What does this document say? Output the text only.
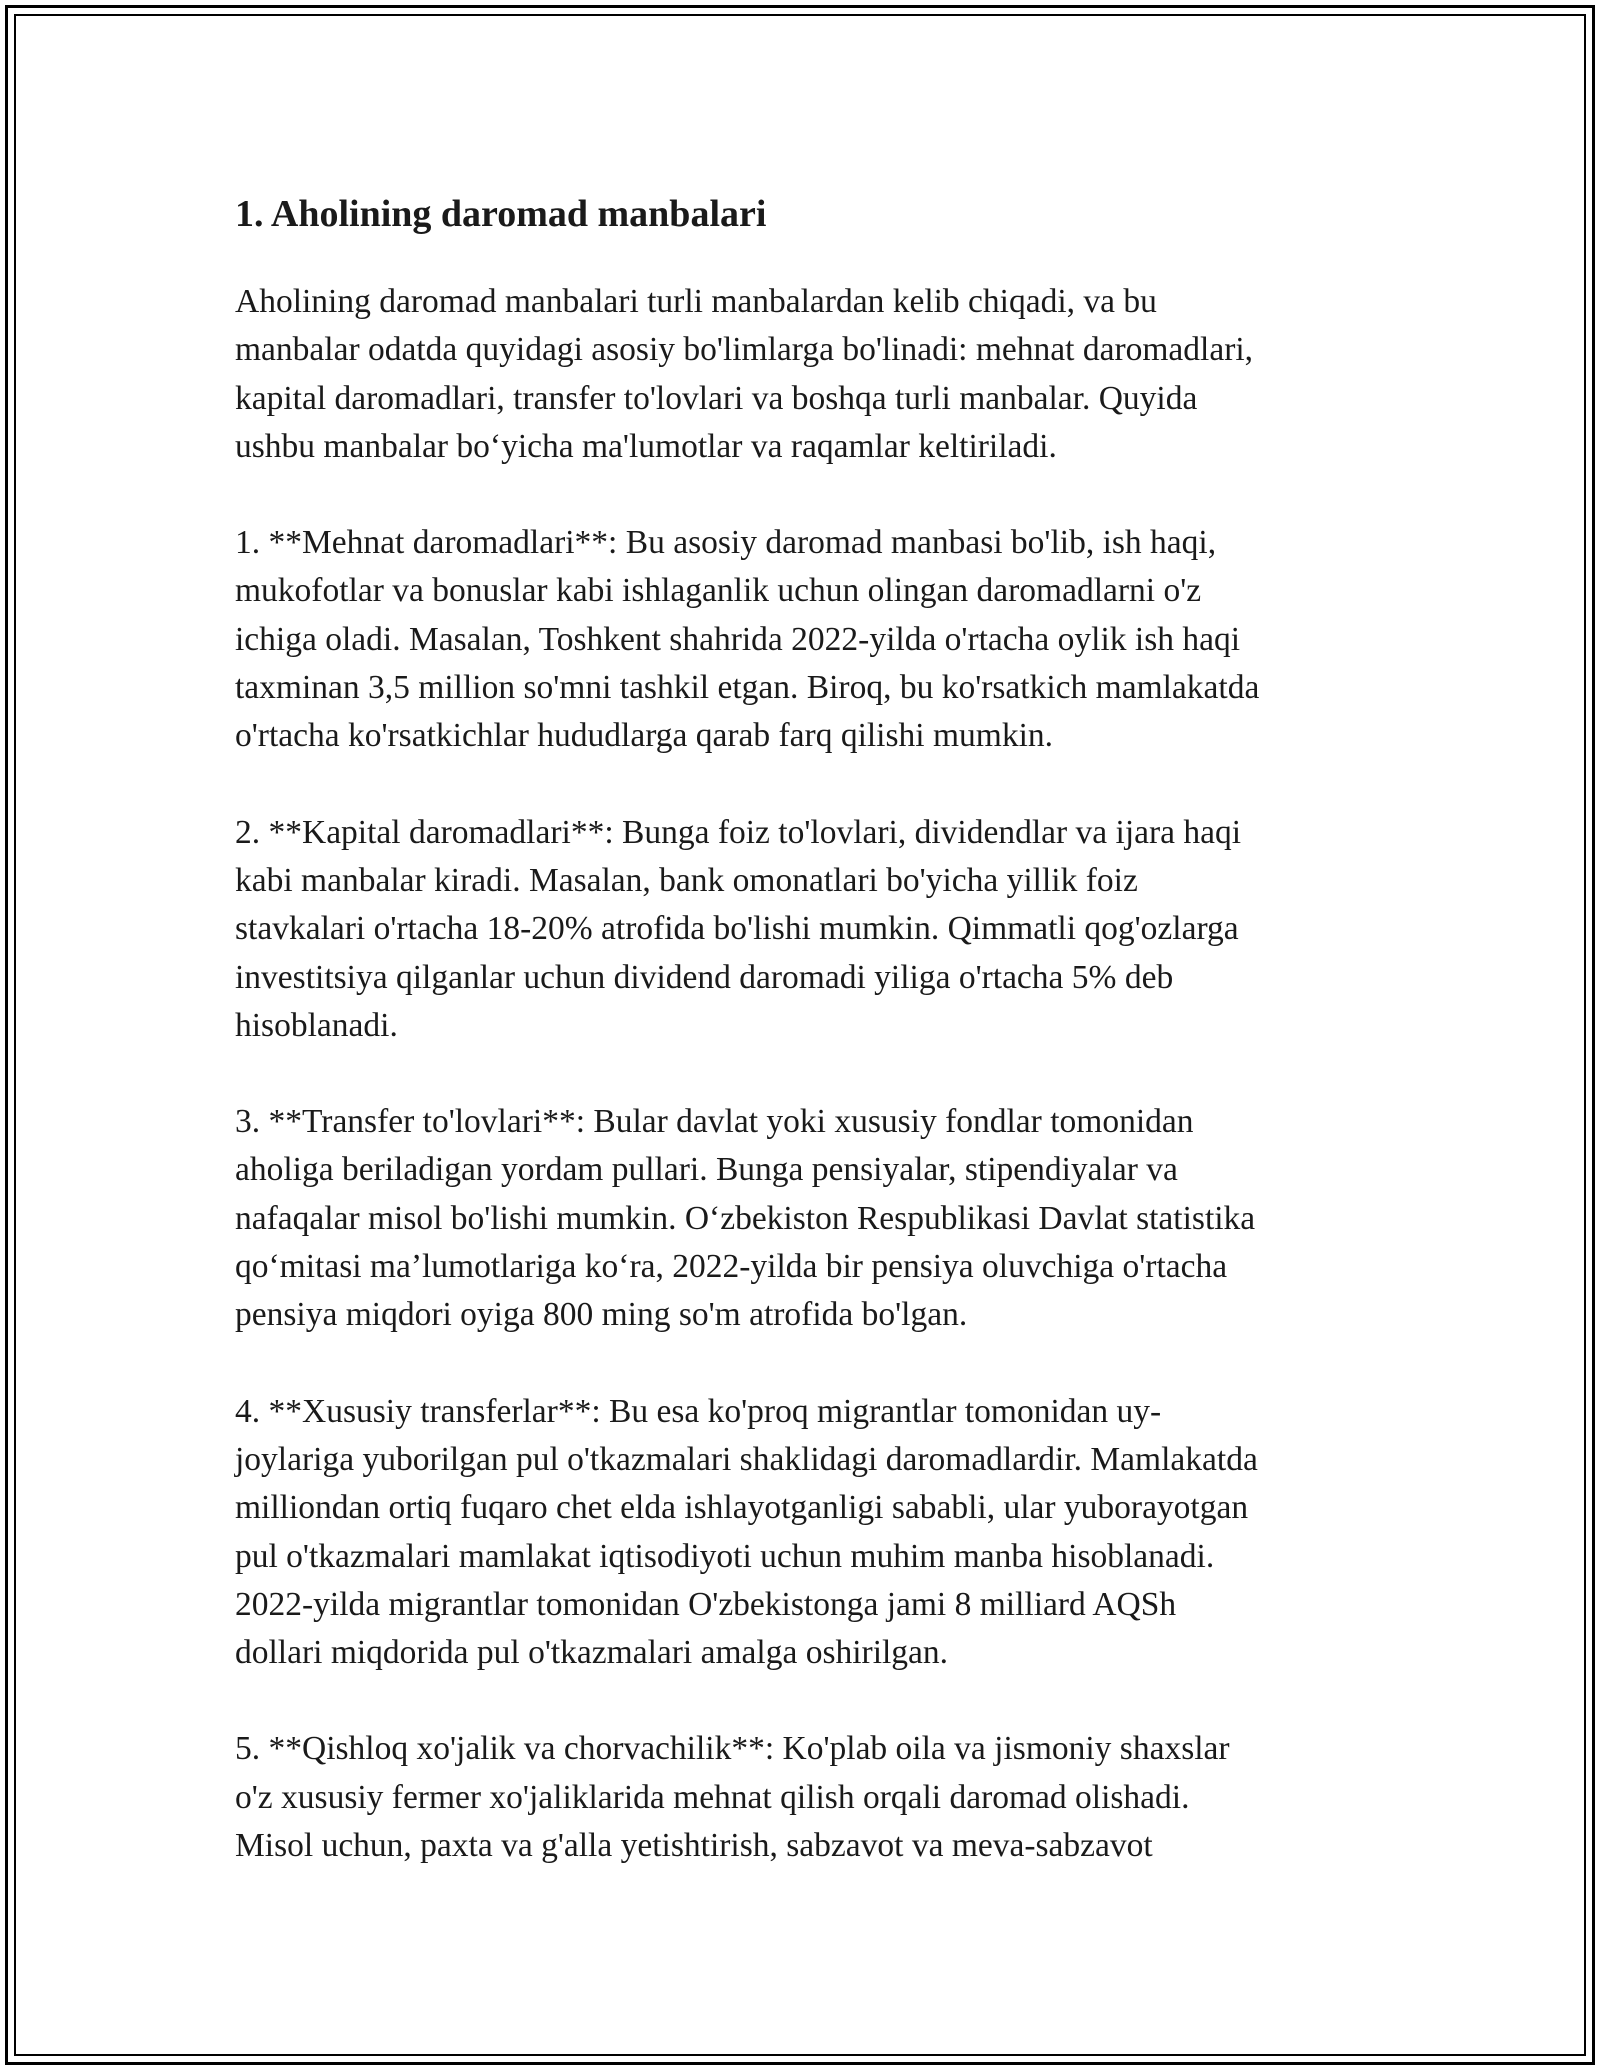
1. Aholining daromad manbalari

Aholining daromad manbalari turli manbalardan kelib chiqadi, va bu
manbalar odatda quyidagi asosiy bo'limlarga bo'linadi: mehnat daromadlari,
kapital daromadlari, transfer to'lovlari va boshqa turli manbalar. Quyida
ushbu manbalar bo‘yicha ma'lumotlar va raqamlar keltiriladi.

1. **Mehnat daromadlari**: Bu asosiy daromad manbasi bo'lib, ish haqi,
mukofotlar va bonuslar kabi ishlaganlik uchun olingan daromadlarni o'z
ichiga oladi. Masalan, Toshkent shahrida 2022-yilda o'rtacha oylik ish haqi
taxminan 3,5 million so'mni tashkil etgan. Biroq, bu ko'rsatkich mamlakatda
o'rtacha ko'rsatkichlar hududlarga qarab farq qilishi mumkin.

2. **Kapital daromadlari**: Bunga foiz to'lovlari, dividendlar va ijara haqi
kabi manbalar kiradi. Masalan, bank omonatlari bo'yicha yillik foiz
stavkalari o'rtacha 18-20% atrofida bo'lishi mumkin. Qimmatli qog'ozlarga
investitsiya qilganlar uchun dividend daromadi yiliga o'rtacha 5% deb
hisoblanadi.

3. **Transfer to'lovlari**: Bular davlat yoki xususiy fondlar tomonidan
aholiga beriladigan yordam pullari. Bunga pensiyalar, stipendiyalar va
nafaqalar misol bo'lishi mumkin. O‘zbekiston Respublikasi Davlat statistika
qo‘mitasi ma’lumotlariga ko‘ra, 2022-yilda bir pensiya oluvchiga o'rtacha
pensiya miqdori oyiga 800 ming so'm atrofida bo'lgan.

4. **Xususiy transferlar**: Bu esa ko'proq migrantlar tomonidan uy-
joylariga yuborilgan pul o'tkazmalari shaklidagi daromadlardir. Mamlakatda
milliondan ortiq fuqaro chet elda ishlayotganligi sababli, ular yuborayotgan
pul o'tkazmalari mamlakat iqtisodiyoti uchun muhim manba hisoblanadi.
2022-yilda migrantlar tomonidan O'zbekistonga jami 8 milliard AQSh
dollari miqdorida pul o'tkazmalari amalga oshirilgan.

5. **Qishloq xo'jalik va chorvachilik**: Ko'plab oila va jismoniy shaxslar
o'z xususiy fermer xo'jaliklarida mehnat qilish orqali daromad olishadi.
Misol uchun, paxta va g'alla yetishtirish, sabzavot va meva-sabzavot
